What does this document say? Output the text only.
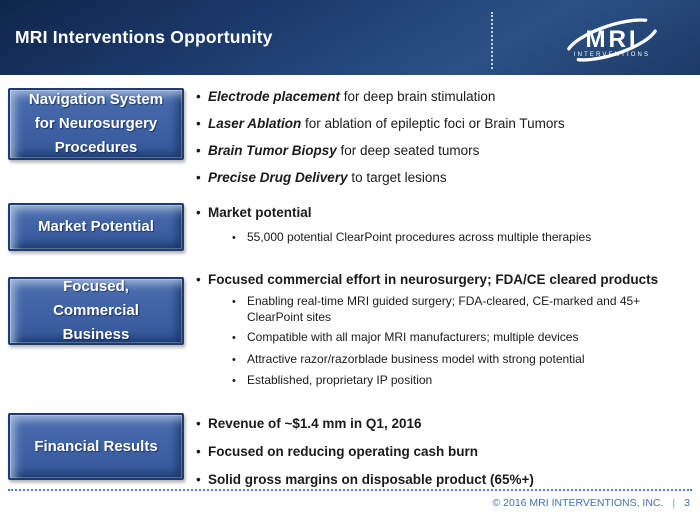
MRI Interventions Opportunity	MRI
INTERVENTIONS
Navigation System
for Neurosurgery
Procedures
Market Potential
Focused,
Commercial
Business
Financial Results
•
Electrode placement for deep brain stimulation
•
Laser Ablation for ablation of epileptic foci or Brain Tumors
•
Brain Tumor Biopsy for deep seated tumors
•
Precise Drug Delivery to target lesions
•
Market potential
•
55,000 potential ClearPoint procedures across multiple therapies
•
Focused commercial effort in neurosurgery; FDA/CE cleared products
•
Enabling real-time MRI guided surgery; FDA-cleared, CE-marked and 45+ ClearPoint sites
•
Compatible with all major MRI manufacturers; multiple devices
•
Attractive razor/razorblade business model with strong potential
•
Established, proprietary IP position
•
Revenue of ~$1.4 mm in Q1, 2016
•
Focused on reducing operating cash burn
•
Solid gross margins on disposable product (65%+)
© 2016 MRI INTERVENTIONS, INC. | 3
